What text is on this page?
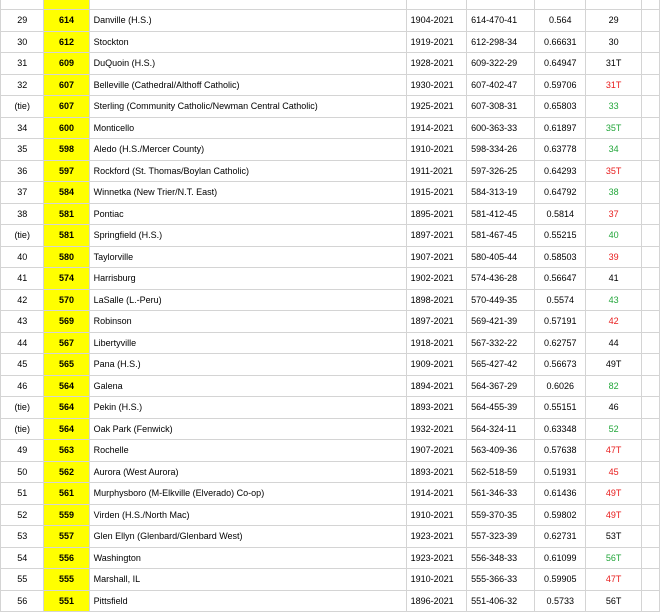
29	614	Danville (H.S.)	1904-2021	614-470-41	0.564	29	
30	612	Stockton	1919-2021	612-298-34	0.66631	30	
31	609	DuQuoin (H.S.)	1928-2021	609-322-29	0.64947	31T	
32	607	Belleville (Cathedral/Althoff Catholic)	1930-2021	607-402-47	0.59706	31T	
(tie)	607	Sterling (Community Catholic/Newman Central Catholic)	1925-2021	607-308-31	0.65803	33	
34	600	Monticello	1914-2021	600-363-33	0.61897	35T	
35	598	Aledo (H.S./Mercer County)	1910-2021	598-334-26	0.63778	34	
36	597	Rockford (St. Thomas/Boylan Catholic)	1911-2021	597-326-25	0.64293	35T	
37	584	Winnetka (New Trier/N.T. East)	1915-2021	584-313-19	0.64792	38	
38	581	Pontiac	1895-2021	581-412-45	0.5814	37	
(tie)	581	Springfield (H.S.)	1897-2021	581-467-45	0.55215	40	
40	580	Taylorville	1907-2021	580-405-44	0.58503	39	
41	574	Harrisburg	1902-2021	574-436-28	0.56647	41	
42	570	LaSalle (L.-Peru)	1898-2021	570-449-35	0.5574	43	
43	569	Robinson	1897-2021	569-421-39	0.57191	42	
44	567	Libertyville	1918-2021	567-332-22	0.62757	44	
45	565	Pana (H.S.)	1909-2021	565-427-42	0.56673	49T	
46	564	Galena	1894-2021	564-367-29	0.6026	82	
(tie)	564	Pekin (H.S.)	1893-2021	564-455-39	0.55151	46	
(tie)	564	Oak Park (Fenwick)	1932-2021	564-324-11	0.63348	52	
49	563	Rochelle	1907-2021	563-409-36	0.57638	47T	
50	562	Aurora (West Aurora)	1893-2021	562-518-59	0.51931	45	
51	561	Murphysboro (M-Elkville (Elverado) Co-op)	1914-2021	561-346-33	0.61436	49T	
52	559	Virden (H.S./North Mac)	1910-2021	559-370-35	0.59802	49T	
53	557	Glen Ellyn (Glenbard/Glenbard West)	1923-2021	557-323-39	0.62731	53T	
54	556	Washington	1923-2021	556-348-33	0.61099	56T	
55	555	Marshall, IL	1910-2021	555-366-33	0.59905	47T	
56	551	Pittsfield	1896-2021	551-406-32	0.5733	56T	
